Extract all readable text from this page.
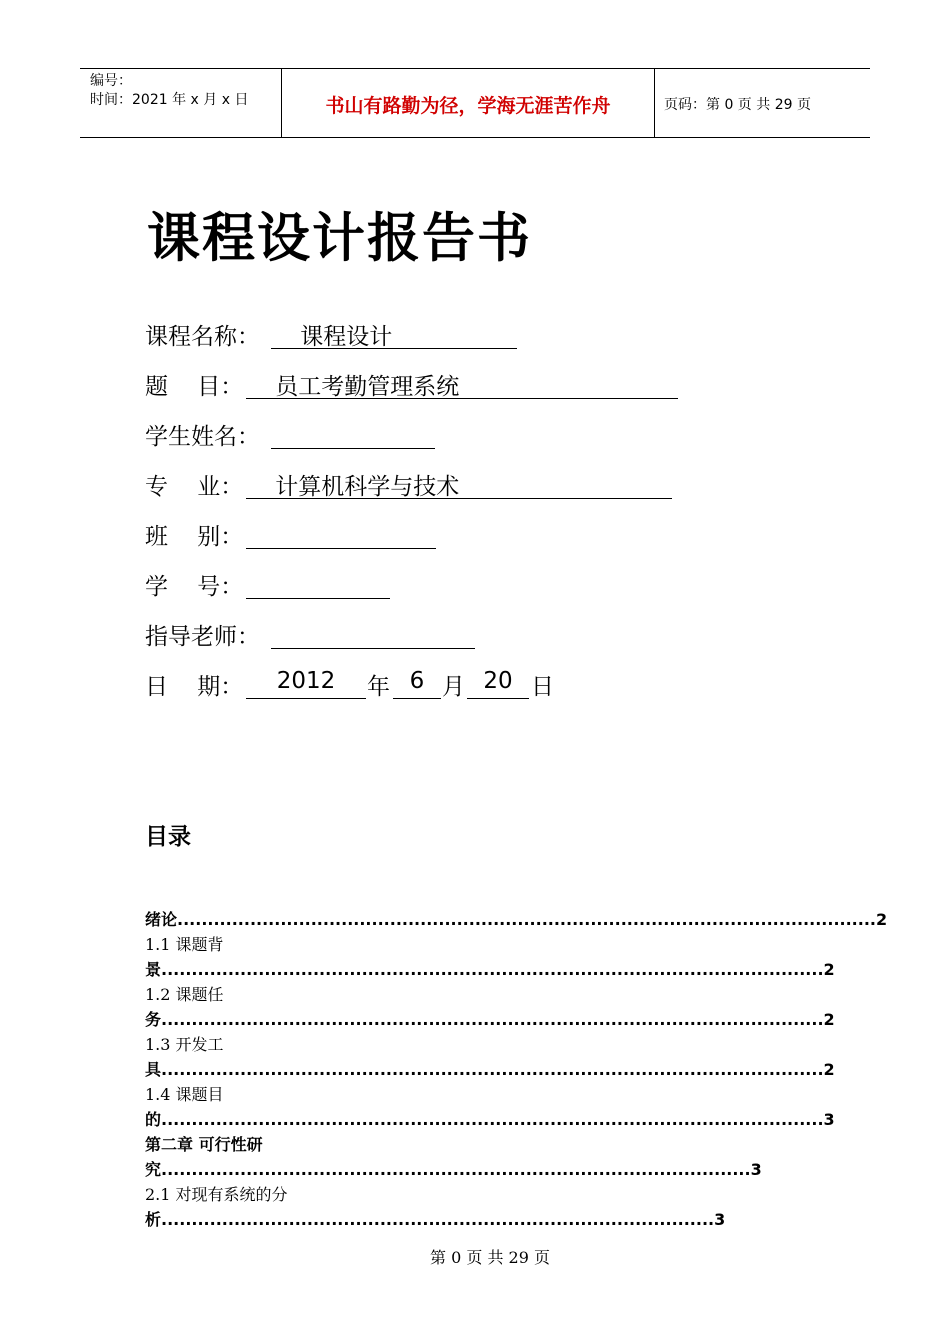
编号：
时间：2021 年 x 月 x 日	书山有路勤为径，学海无涯苦作舟	页码：第 0 页 共 29 页
课程设计报告书
课程名称： 课程设计
题    目： 员工考勤管理系统
学生姓名：
专    业： 计算机科学与技术
班    别：
学    号：
指导老师：
日    期：	2012	年 6 月 20 日
目录
绪论...................................................................................................................2
1.1 课题背
景.............................................................................................................2
1.2 课题任
务.............................................................................................................2
1.3 开发工
具.............................................................................................................2
1.4 课题目
的.............................................................................................................3
第二章 可行性研
究.................................................................................................3
2.1 对现有系统的分
析...........................................................................................3
第 0 页 共 29 页
